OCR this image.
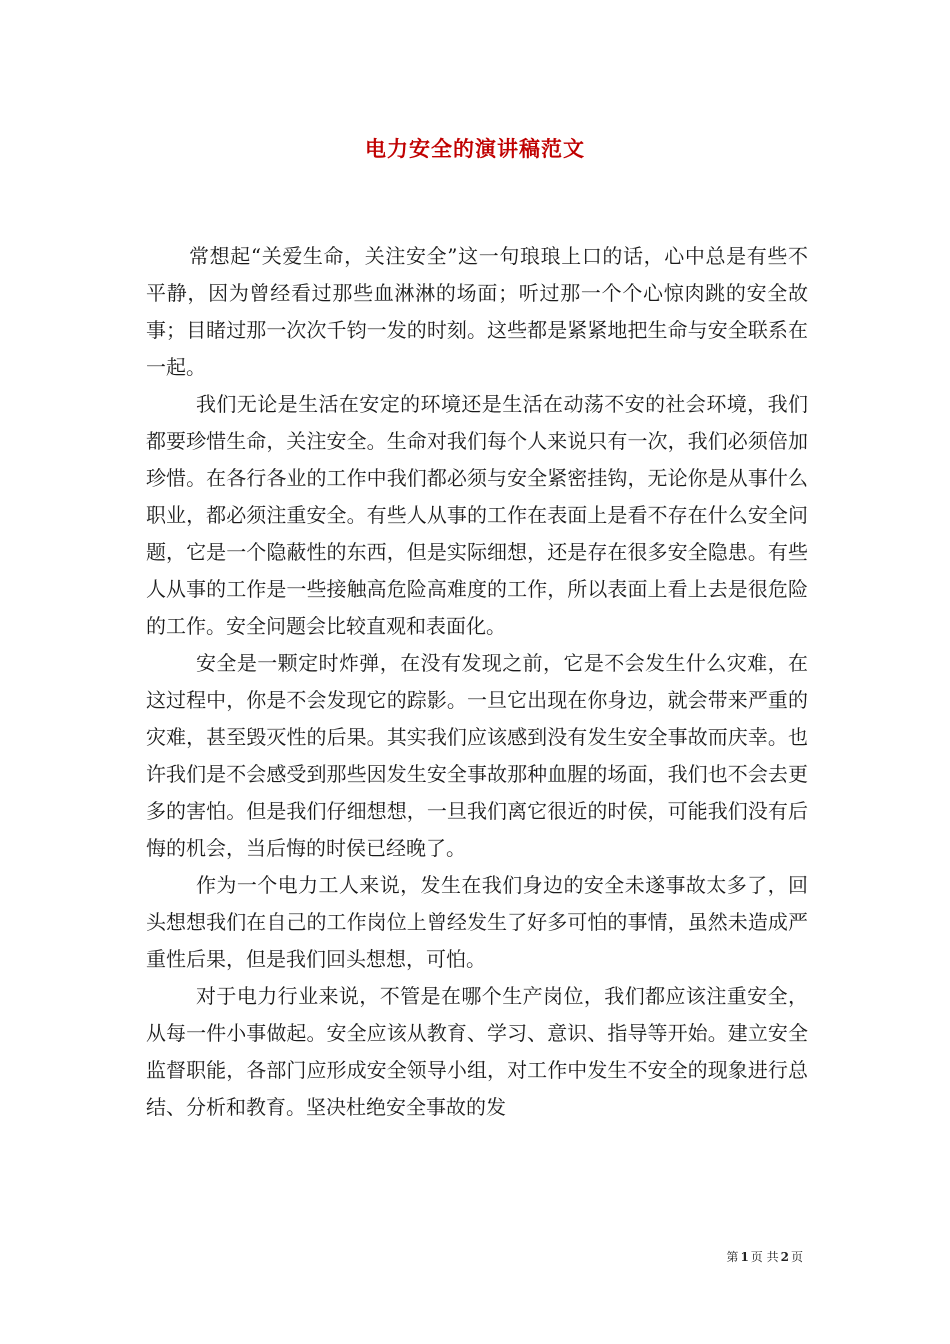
电力安全的演讲稿范文

常想起“关爱生命，关注安全”这一句琅琅上口的话，心中总是有些不平静，因为曾经看过那些血淋淋的场面；听过那一个个心惊肉跳的安全故事；目睹过那一次次千钧一发的时刻。这些都是紧紧地把生命与安全联系在一起。

我们无论是生活在安定的环境还是生活在动荡不安的社会环境，我们都要珍惜生命，关注安全。生命对我们每个人来说只有一次，我们必须倍加珍惜。在各行各业的工作中我们都必须与安全紧密挂钩，无论你是从事什么职业，都必须注重安全。有些人从事的工作在表面上是看不存在什么安全问题，它是一个隐蔽性的东西，但是实际细想，还是存在很多安全隐患。有些人从事的工作是一些接触高危险高难度的工作，所以表面上看上去是很危险的工作。安全问题会比较直观和表面化。

安全是一颗定时炸弹，在没有发现之前，它是不会发生什么灾难，在这过程中，你是不会发现它的踪影。一旦它出现在你身边，就会带来严重的灾难，甚至毁灭性的后果。其实我们应该感到没有发生安全事故而庆幸。也许我们是不会感受到那些因发生安全事故那种血腥的场面，我们也不会去更多的害怕。但是我们仔细想想，一旦我们离它很近的时侯，可能我们没有后悔的机会，当后悔的时侯已经晚了。

作为一个电力工人来说，发生在我们身边的安全未遂事故太多了，回头想想我们在自己的工作岗位上曾经发生了好多可怕的事情，虽然未造成严重性后果，但是我们回头想想，可怕。

对于电力行业来说，不管是在哪个生产岗位，我们都应该注重安全，从每一件小事做起。安全应该从教育、学习、意识、指导等开始。建立安全监督职能，各部门应形成安全领导小组，对工作中发生不安全的现象进行总结、分析和教育。坚决杜绝安全事故的发

第 1 页 共 2 页
